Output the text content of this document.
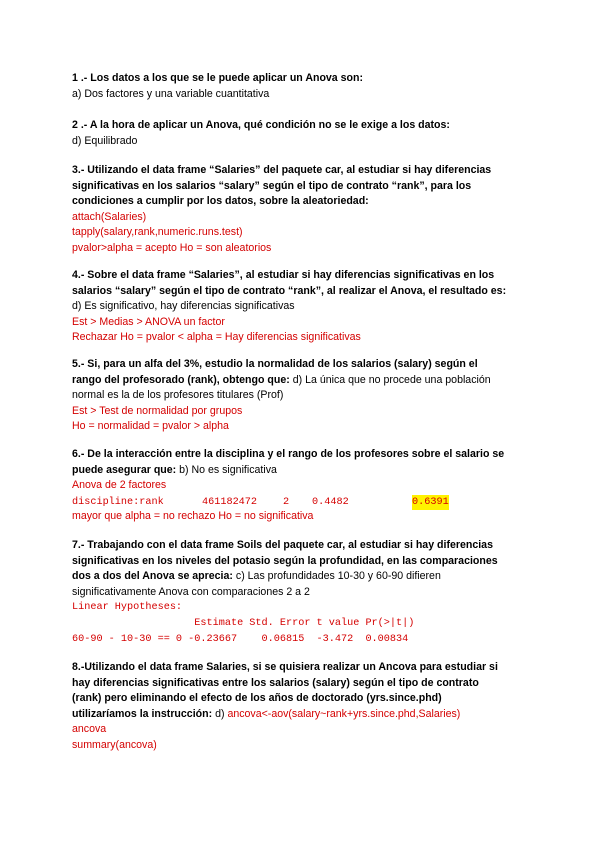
1 .- Los datos a los que se le puede aplicar un Anova son:
a) Dos factores y una variable cuantitativa
2 .- A la hora de aplicar un Anova, qué condición no se le exige a los datos:
d) Equilibrado
3.- Utilizando el data frame “Salaries” del paquete car, al estudiar si hay diferencias
significativas en los salarios “salary” según el tipo de contrato “rank”, para los
condiciones a cumplir por los datos, sobre la aleatoriedad:
attach(Salaries)
tapply(salary,rank,numeric.runs.test)
pvalor>alpha = acepto Ho = son aleatorios
4.- Sobre el data frame “Salaries”, al estudiar si hay diferencias significativas en los
salarios “salary” según el tipo de contrato “rank”, al realizar el Anova, el resultado es:
d) Es significativo, hay diferencias significativas
Est > Medias > ANOVA un factor
Rechazar Ho = pvalor < alpha = Hay diferencias significativas
5.- Si, para un alfa del 3%, estudio la normalidad de los salarios (salary) según el
rango del profesorado (rank), obtengo que: d) La única que no procede una población
normal es la de los profesores titulares (Prof)
Est > Test de normalidad por grupos
Ho = normalidad = pvalor > alpha
6.- De la interacción entre la disciplina y el rango de los profesores sobre el salario se
puede asegurar que: b) No es significativa
Anova de 2 factores
discipline:rank	461182472	2 0.4482	0.6391
mayor que alpha = no rechazo Ho = no significativa
7.- Trabajando con el data frame Soils del paquete car, al estudiar si hay diferencias
significativas en los niveles del potasio según la profundidad, en las comparaciones
dos a dos del Anova se aprecia: c) Las profundidades 10-30 y 60-90 difieren
significativamente Anova con comparaciones 2 a 2
Linear Hypotheses:
Estimate Std. Error t value Pr(>|t|)
60-90 - 10-30 == 0 -0.23667    0.06815  -3.472  0.00834
8.-Utilizando el data frame Salaries, si se quisiera realizar un Ancova para estudiar si
hay diferencias significativas entre los salarios (salary) según el tipo de contrato
(rank) pero eliminando el efecto de los años de doctorado (yrs.since.phd)
utilizaríamos la instrucción: d) ancova<-aov(salary~rank+yrs.since.phd,Salaries)
ancova
summary(ancova)
